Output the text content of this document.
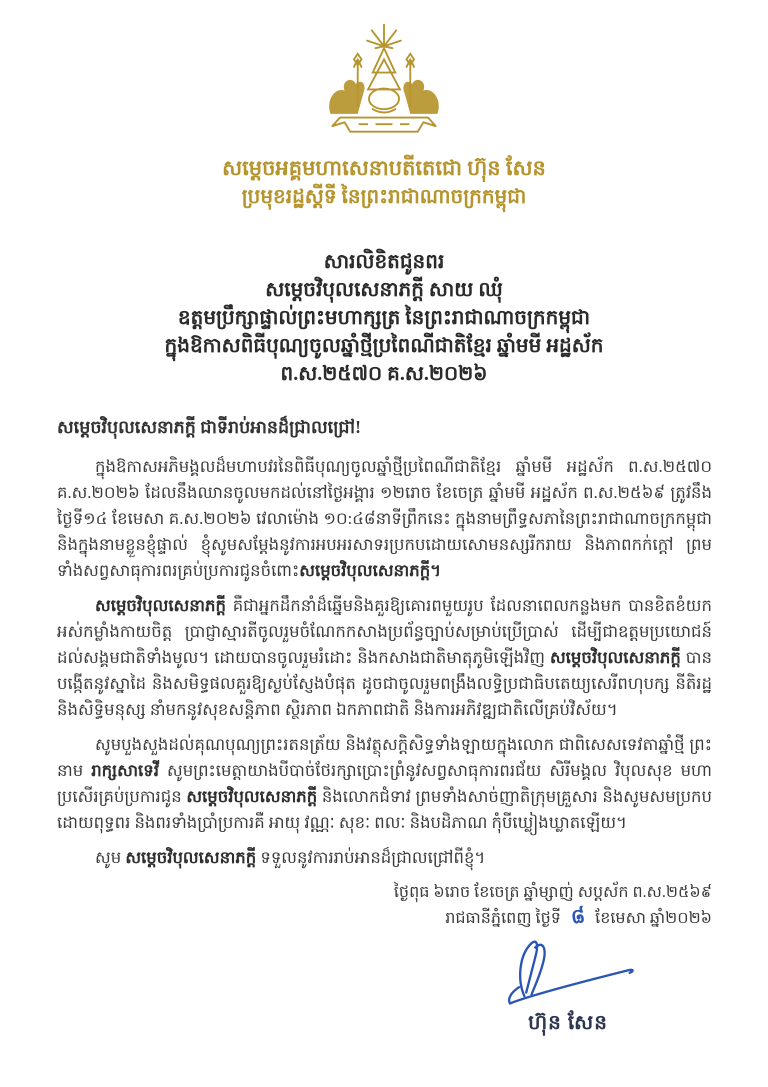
សម្តេចអគ្គមហាសេនាបតីតេជោ ហ៊ុន សែន
ប្រមុខរដ្ឋស្តីទី នៃព្រះរាជាណាចក្រកម្ពុជា
សារលិខិតជូនពរ
សម្តេចវិបុលសេនាភក្តី សាយ ឈុំ
ឧត្តមប្រឹក្សាផ្ទាល់ព្រះមហាក្សត្រ នៃព្រះរាជាណាចក្រកម្ពុជា
ក្នុងឱកាសពិធីបុណ្យចូលឆ្នាំថ្មីប្រពៃណីជាតិខ្មែរ ឆ្នាំមមី អដ្ឋស័ក
ព.ស.២៥៧០ គ.ស.២០២៦
សម្តេចវិបុលសេនាភក្តី ជាទីរាប់អានដ៏ជ្រាលជ្រៅ!

ក្នុងឱកាសអភិមង្គលដ៏មហាបវរនៃពិធីបុណ្យចូលឆ្នាំថ្មីប្រពៃណីជាតិខ្មែរ ឆ្នាំមមី អដ្ឋស័ក ព.ស.២៥៧០ គ.ស.២០២៦ ដែលនឹងឈានចូលមកដល់នៅថ្ងៃអង្គារ ១២រោច ខែចេត្រ ឆ្នាំមមី អដ្ឋស័ក ព.ស.២៥៦៩ ត្រូវនឹងថ្ងៃទី១៤ ខែមេសា គ.ស.២០២៦ វេលាម៉ោង ១០:៤៨នាទីព្រឹកនេះ ក្នុងនាមព្រឹទ្ធសភានៃព្រះរាជាណាចក្រកម្ពុជា និងក្នុងនាមខ្លួនខ្ញុំផ្ទាល់ ខ្ញុំសូមសម្តែងនូវការអបអរសាទរប្រកបដោយសោមនស្សរីករាយ និងភាពកក់ក្តៅ ព្រមទាំងសព្វសាធុការពរគ្រប់ប្រការជូនចំពោះសម្តេចវិបុលសេនាភក្តី។

សម្តេចវិបុលសេនាភក្តី គឺជាអ្នកដឹកនាំដ៏ឆ្នើមនិងគួរឱ្យគោរពមួយរូប ដែលនាពេលកន្លងមក បានខិតខំយកអស់កម្លាំងកាយចិត្ត ប្រាជ្ញាស្មារតីចូលរួមចំណែកកសាងប្រព័ន្ធច្បាប់សម្រាប់ប្រើប្រាស់ ដើម្បីជាឧត្តមប្រយោជន៍ដល់សង្គមជាតិទាំងមូល។ ដោយបានចូលរួមរំដោះ និងកសាងជាតិមាតុភូមិឡើងវិញ សម្តេចវិបុលសេនាភក្តី បានបង្កើតនូវស្នាដៃ និងសមិទ្ធផលគួរឱ្យស្ងប់ស្ញែងបំផុត ដូចជាចូលរួមពង្រឹងលទ្ធិប្រជាធិបតេយ្យសេរីពហុបក្ស នីតិរដ្ឋ និងសិទ្ធិមនុស្ស នាំមកនូវសុខសន្តិភាព ស្ថិរភាព ឯកភាពជាតិ និងការអភិវឌ្ឍជាតិលើគ្រប់វិស័យ។

សូមបួងសួងដល់គុណបុណ្យព្រះរតនត្រ័យ និងវត្ថុសក្តិសិទ្ធទាំងឡាយក្នុងលោក ជាពិសេសទេវតាឆ្នាំថ្មី ព្រះនាម រាក្សសាទេវី សូមព្រះមេត្តាយាងបីបាច់ថែរក្សាប្រោះព្រំនូវសព្វសាធុការពរជ័យ សិរីមង្គល វិបុលសុខ មហាប្រសើរគ្រប់ប្រការជូន សម្តេចវិបុលសេនាភក្តី និងលោកជំទាវ ព្រមទាំងសាច់ញាតិក្រុមគ្រួសារ និងសូមសមប្រកបដោយពុទ្ធពរ និងពរទាំងប្រាំប្រការគឺ អាយុ វណ្ណៈ សុខៈ ពលៈ និងបដិភាណ កុំបីឃ្លៀងឃ្លាតឡើយ។

សូម សម្តេចវិបុលសេនាភក្តី ទទួលនូវការរាប់អានដ៏ជ្រាលជ្រៅពីខ្ញុំ។

ថ្ងៃពុធ ៦រោច ខែចេត្រ ឆ្នាំម្សាញ់ សប្តស័ក ព.ស.២៥៦៩
រាជធានីភ្នំពេញ ថ្ងៃទី ៨ ខែមេសា ឆ្នាំ២០២៦
ហ៊ុន សែន
